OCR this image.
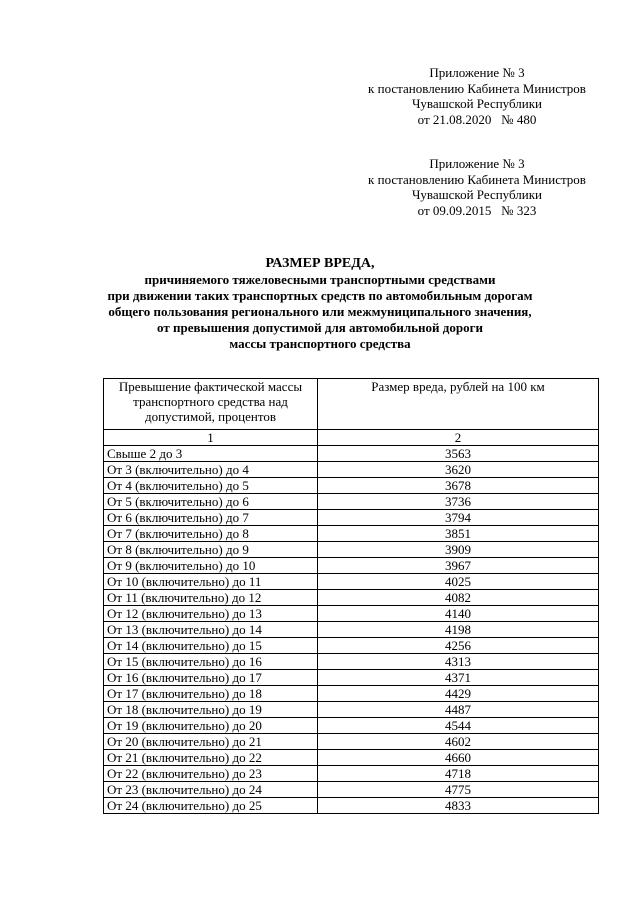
Приложение № 3
к постановлению Кабинета Министров
Чувашской Республики
от 21.08.2020   № 480
Приложение № 3
к постановлению Кабинета Министров
Чувашской Республики
от 09.09.2015   № 323
РАЗМЕР ВРЕДА,
причиняемого тяжеловесными транспортными средствами
при движении таких транспортных средств по автомобильным дорогам
общего пользования регионального или межмуниципального значения,
от превышения допустимой для автомобильной дороги
массы транспортного средства
Превышение фактической массы транспортного средства над допустимой, процентов	Размер вреда, рублей на 100 км
1	2
Свыше 2 до 3	3563
От 3 (включительно) до 4	3620
От 4 (включительно) до 5	3678
От 5 (включительно) до 6	3736
От 6 (включительно) до 7	3794
От 7 (включительно) до 8	3851
От 8 (включительно) до 9	3909
От 9 (включительно) до 10	3967
От 10 (включительно) до 11	4025
От 11 (включительно) до 12	4082
От 12 (включительно) до 13	4140
От 13 (включительно) до 14	4198
От 14 (включительно) до 15	4256
От 15 (включительно) до 16	4313
От 16 (включительно) до 17	4371
От 17 (включительно) до 18	4429
От 18 (включительно) до 19	4487
От 19 (включительно) до 20	4544
От 20 (включительно) до 21	4602
От 21 (включительно) до 22	4660
От 22 (включительно) до 23	4718
От 23 (включительно) до 24	4775
От 24 (включительно) до 25	4833
